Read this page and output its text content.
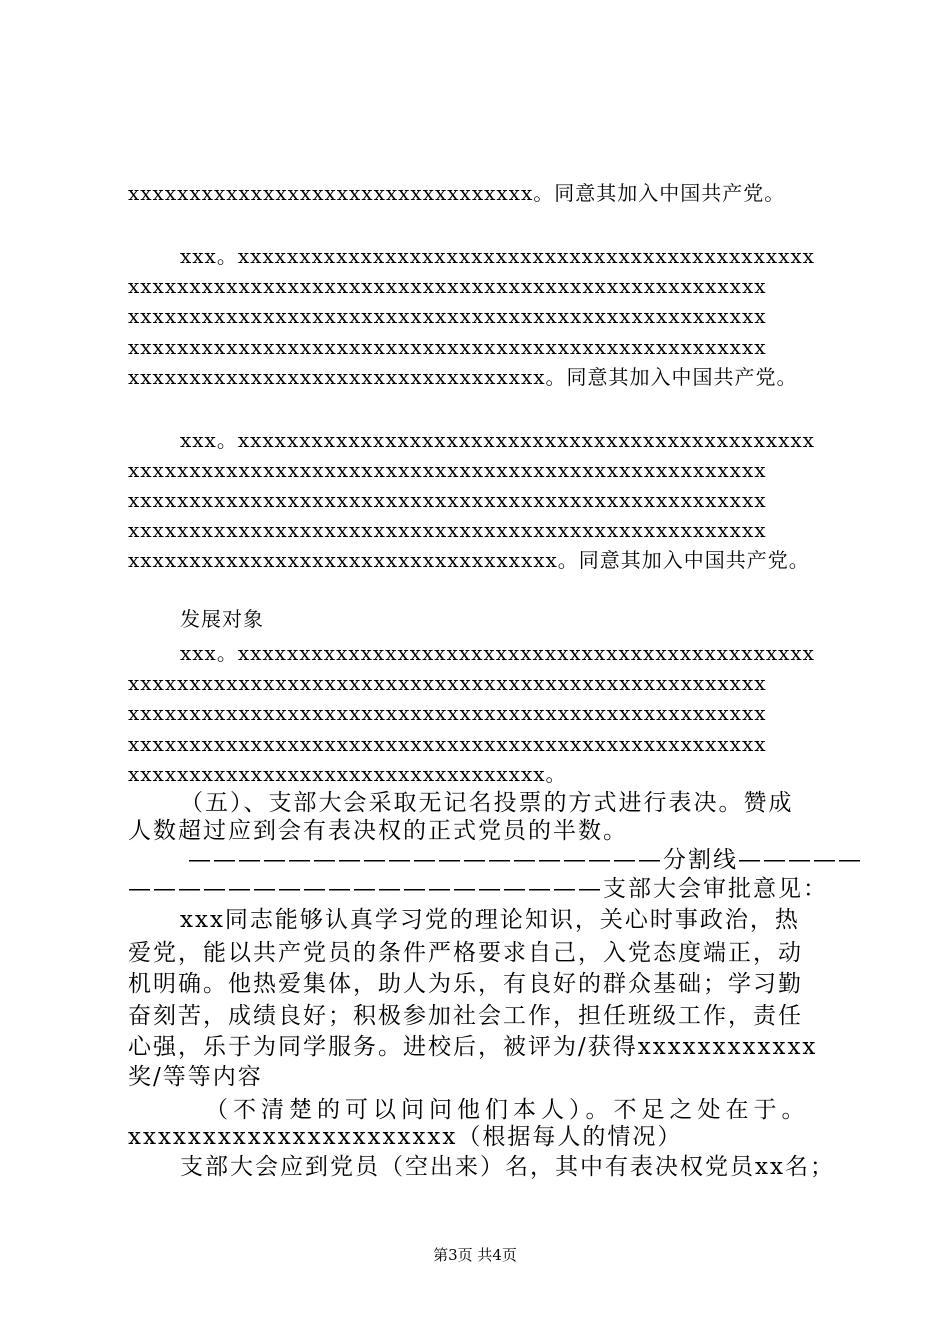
xxxxxxxxxxxxxxxxxxxxxxxxxxxxxxxxx。同意其加入中国共产党。

xxx。xxxxxxxxxxxxxxxxxxxxxxxxxxxxxxxxxxxxxxxxxxxxxxx

xxxxxxxxxxxxxxxxxxxxxxxxxxxxxxxxxxxxxxxxxxxxxxxxxxxx

xxxxxxxxxxxxxxxxxxxxxxxxxxxxxxxxxxxxxxxxxxxxxxxxxxxx

xxxxxxxxxxxxxxxxxxxxxxxxxxxxxxxxxxxxxxxxxxxxxxxxxxxx

xxxxxxxxxxxxxxxxxxxxxxxxxxxxxxxxxx。同意其加入中国共产党。

xxx。xxxxxxxxxxxxxxxxxxxxxxxxxxxxxxxxxxxxxxxxxxxxxxx

xxxxxxxxxxxxxxxxxxxxxxxxxxxxxxxxxxxxxxxxxxxxxxxxxxxx

xxxxxxxxxxxxxxxxxxxxxxxxxxxxxxxxxxxxxxxxxxxxxxxxxxxx

xxxxxxxxxxxxxxxxxxxxxxxxxxxxxxxxxxxxxxxxxxxxxxxxxxxx

xxxxxxxxxxxxxxxxxxxxxxxxxxxxxxxxxxx。同意其加入中国共产党。

发展对象

xxx。xxxxxxxxxxxxxxxxxxxxxxxxxxxxxxxxxxxxxxxxxxxxxxx

xxxxxxxxxxxxxxxxxxxxxxxxxxxxxxxxxxxxxxxxxxxxxxxxxxxx

xxxxxxxxxxxxxxxxxxxxxxxxxxxxxxxxxxxxxxxxxxxxxxxxxxxx

xxxxxxxxxxxxxxxxxxxxxxxxxxxxxxxxxxxxxxxxxxxxxxxxxxxx

xxxxxxxxxxxxxxxxxxxxxxxxxxxxxxxxxx。

（五）、支部大会采取无记名投票的方式进行表决。赞成

人数超过应到会有表决权的正式党员的半数。

———————————————————分割线—————

———————————————————支部大会审批意见：

xxx同志能够认真学习党的理论知识，关心时事政治，热

爱党，能以共产党员的条件严格要求自己，入党态度端正，动

机明确。他热爱集体，助人为乐，有良好的群众基础；学习勤

奋刻苦，成绩良好；积极参加社会工作，担任班级工作，责任

心强，乐于为同学服务。进校后，被评为/获得xxxxxxxxxxxx

奖/等等内容

（不清楚的可以问问他们本人）。不足之处在于。

xxxxxxxxxxxxxxxxxxxxxx（根据每人的情况）

支部大会应到党员（空出来）名，其中有表决权党员xx名；

第3页 共4页
